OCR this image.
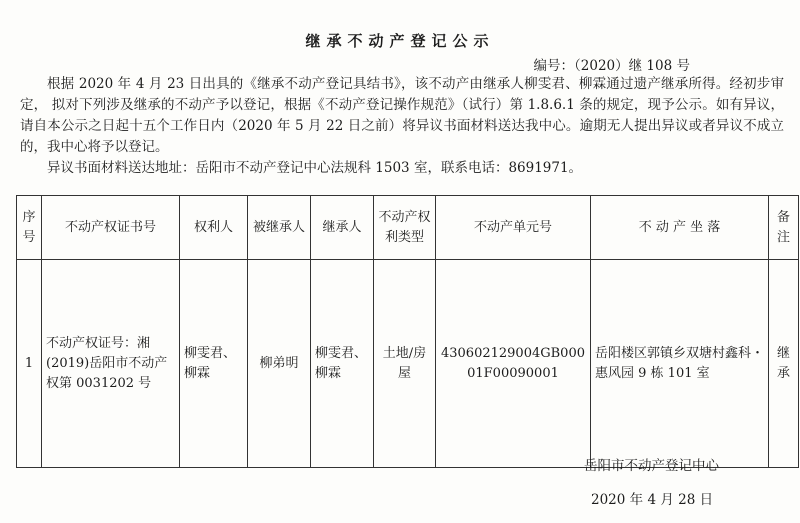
继承不动产登记公示
编号：（2020）继 108 号

根据 2020 年 4 月 23 日出具的《继承不动产登记具结书》，该不动产由继承人柳雯君、柳霖通过遗产继承所得。经初步审定， 拟对下列涉及继承的不动产予以登记，根据《不动产登记操作规范》（试行）第 1.8.6.1 条的规定，现予公示。如有异议，请自本公示之日起十五个工作日内（2020 年 5 月 22 日之前）将异议书面材料送达我中心。逾期无人提出异议或者异议不成立的，我中心将予以登记。

异议书面材料送达地址：岳阳市不动产登记中心法规科 1503 室，联系电话：8691971。

序号	不动产权证书号	权利人	被继承人	继承人	不动产权利类型	不动产单元号	不 动 产 坐 落	备注
1	不动产权证号：湘(2019)岳阳市不动产权第 0031202 号	柳雯君、柳霖	柳弟明	柳雯君、柳霖	土地/房屋	430602129004GB00001F00090001	岳阳楼区郭镇乡双塘村鑫科・惠风园 9 栋 101 室	继承
岳阳市不动产登记中心
2020 年 4 月 28 日
